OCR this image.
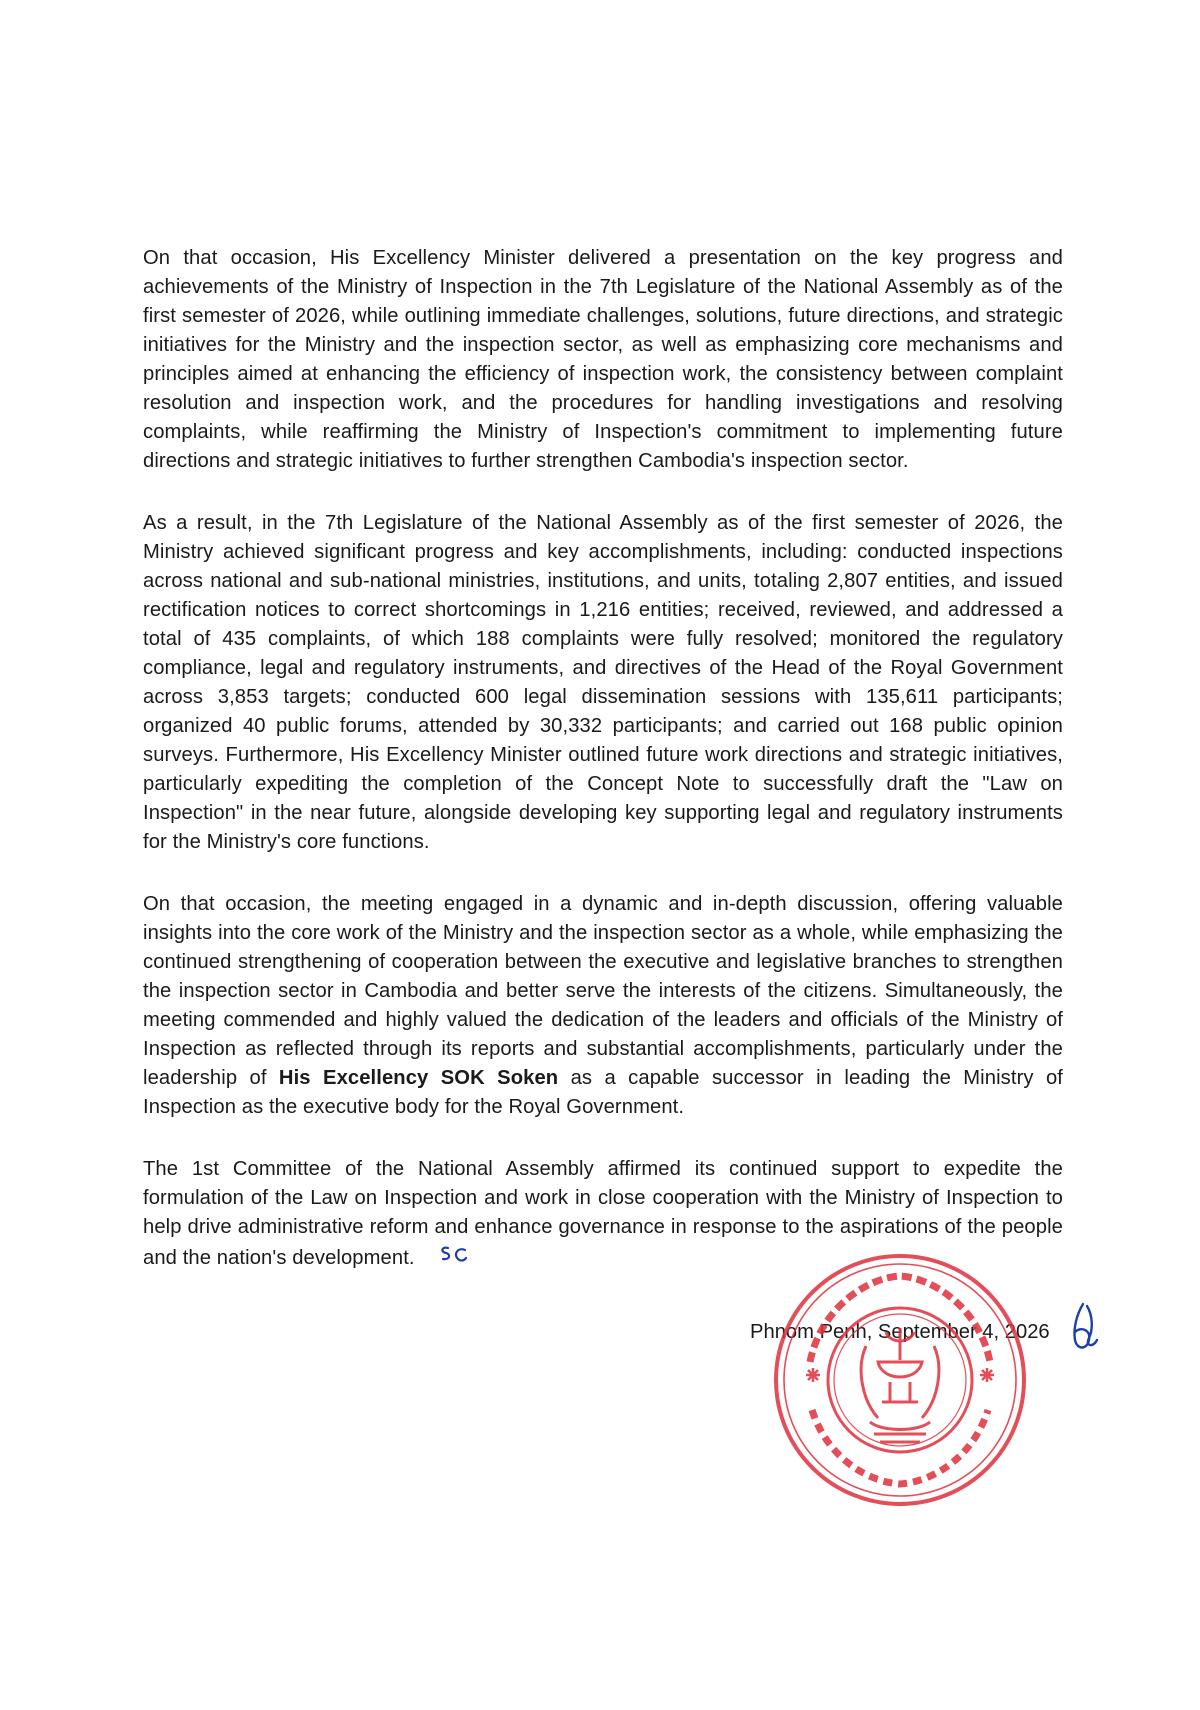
On that occasion, His Excellency Minister delivered a presentation on the key progress and achievements of the Ministry of Inspection in the 7th Legislature of the National Assembly as of the first semester of 2026, while outlining immediate challenges, solutions, future directions, and strategic initiatives for the Ministry and the inspection sector, as well as emphasizing core mechanisms and principles aimed at enhancing the efficiency of inspection work, the consistency between complaint resolution and inspection work, and the procedures for handling investigations and resolving complaints, while reaffirming the Ministry of Inspection's commitment to implementing future directions and strategic initiatives to further strengthen Cambodia's inspection sector.

As a result, in the 7th Legislature of the National Assembly as of the first semester of 2026, the Ministry achieved significant progress and key accomplishments, including: conducted inspections across national and sub-national ministries, institutions, and units, totaling 2,807 entities, and issued rectification notices to correct shortcomings in 1,216 entities; received, reviewed, and addressed a total of 435 complaints, of which 188 complaints were fully resolved; monitored the regulatory compliance, legal and regulatory instruments, and directives of the Head of the Royal Government across 3,853 targets; conducted 600 legal dissemination sessions with 135,611 participants; organized 40 public forums, attended by 30,332 participants; and carried out 168 public opinion surveys. Furthermore, His Excellency Minister outlined future work directions and strategic initiatives, particularly expediting the completion of the Concept Note to successfully draft the "Law on Inspection" in the near future, alongside developing key supporting legal and regulatory instruments for the Ministry's core functions.

On that occasion, the meeting engaged in a dynamic and in-depth discussion, offering valuable insights into the core work of the Ministry and the inspection sector as a whole, while emphasizing the continued strengthening of cooperation between the executive and legislative branches to strengthen the inspection sector in Cambodia and better serve the interests of the citizens. Simultaneously, the meeting commended and highly valued the dedication of the leaders and officials of the Ministry of Inspection as reflected through its reports and substantial accomplishments, particularly under the leadership of His Excellency SOK Soken as a capable successor in leading the Ministry of Inspection as the executive body for the Royal Government.

The 1st Committee of the National Assembly affirmed its continued support to expedite the formulation of the Law on Inspection and work in close cooperation with the Ministry of Inspection to help drive administrative reform and enhance governance in response to the aspirations of the people and the nation's development.

Phnom Penh, September 4, 2026
